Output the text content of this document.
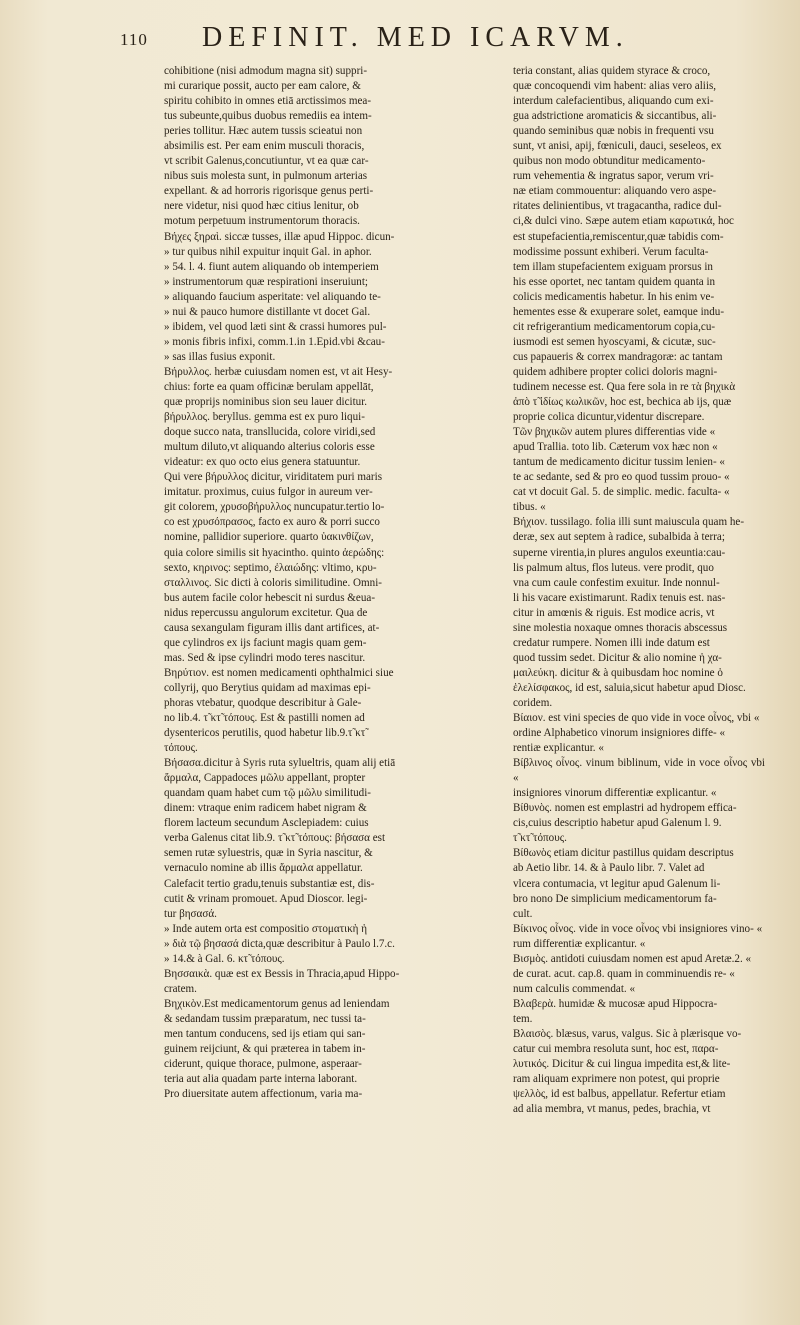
110 DEFINIT. MED ICARVM.

cohibitione (nisi admodum magna sit) suppri-

mi curarique possit, aucto per eam calore, &

spiritu cohibito in omnes etiā arctissimos mea-

tus subeunte,quibus duobus remediis ea intem-

peries tollitur. Hæc autem tussis scieatui non

absimilis est. Per eam enim musculi thoracis,

vt scribit Galenus,concutiuntur, vt ea quæ car-

nibus suis molesta sunt, in pulmonum arterias

expellant. & ad horroris rigorisque genus perti-

nere videtur, nisi quod hæc citius lenitur, ob

motum perpetuum instrumentorum thoracis.

Βήχες ξηραὶ. siccæ tusses, illæ apud Hippoc. dicun-

» tur quibus nihil expuitur inquit Gal. in aphor.

» 54. l. 4. fiunt autem aliquando ob intemperiem

» instrumentorum quæ respirationi inseruiunt;

» aliquando faucium asperitate: vel aliquando te-

» nui & pauco humore distillante vt docet Gal.

» ibidem, vel quod læti sint & crassi humores pul-

» monis fibris infixi, comm.1.in 1.Epid.vbi &cau-

» sas illas fusius exponit.

Βήρυλλος. herbæ cuiusdam nomen est, vt ait Hesy-

chius: forte ea quam officinæ berulam appellāt,

quæ proprijs nominibus sion seu lauer dicitur.

βήρυλλος. beryllus. gemma est ex puro liqui-

doque succo nata, transllucida, colore viridi,sed

multum diluto,vt aliquando alterius coloris esse

videatur: ex quo octo eius genera statuuntur.

Qui vere βήρυλλος dicitur, viriditatem puri maris

imitatur. proximus, cuius fulgor in aureum ver-

git colorem, χρυσοβήρυλλος nuncupatur.tertio lo-

co est χρυσόπρασος, facto ex auro & porri succo

nomine, pallidior superiore. quarto ὑακινθίζων,

quia colore similis sit hyacintho. quinto ἀερώδης:

sexto, κηρινος: septimo, ἐλαιώδης: vltimo, κρυ-

σταλλινος. Sic dicti à coloris similitudine. Omni-

bus autem facile color hebescit ni surdus &eua-

nidus repercussu angulorum excitetur. Qua de

causa sexangulam figuram illis dant artifices, at-

que cylindros ex ijs faciunt magis quam gem-

mas. Sed & ipse cylindri modo teres nascitur.

Βηρύτιον. est nomen medicamenti ophthalmici siue

collyrij, quo Berytius quidam ad maximas epi-

phoras vtebatur, quodque describitur à Gale-

no lib.4. τ̃ κτ̃ τόπους. Est & pastilli nomen ad

dysentericos perutilis, quod habetur lib.9.τ̃ κτ̃

τόπους.

Βήσασα.dicitur à Syris ruta sylueltris, quam alij etiā

ἄρμαλα, Cappadoces μῶλυ appellant, propter

quandam quam habet cum τῷ μῶλυ similitudi-

dinem: vtraque enim radicem habet nigram &

florem lacteum secundum Asclepiadem: cuius

verba Galenus citat lib.9. τ̃ κτ̃ τόπους: βήσασα est

semen rutæ syluestris, quæ in Syria nascitur, &

vernaculo nomine ab illis ἄρμαλα appellatur.

Calefacit tertio gradu,tenuis substantiæ est, dis-

cutit & vrinam promouet. Apud Dioscor. legi-

tur βησασά.

» Inde autem orta est compositio στοματικὴ ἡ

» διὰ τῷ βησασά dicta,quæ describitur à Paulo l.7.c.

» 14.& à Gal. 6. κτ̃ τόπους.

Βησσαικὰ. quæ est ex Bessis in Thracia,apud Hippo-

cratem.

Βηχικὸν.Est medicamentorum genus ad leniendam

& sedandam tussim præparatum, nec tussi ta-

men tantum conducens, sed ijs etiam qui san-

guinem reijciunt, & qui præterea in tabem in-

ciderunt, quique thorace, pulmone, asperaar-

teria aut alia quadam parte interna laborant.

Pro diuersitate autem affectionum, varia ma-

teria constant, alias quidem styrace & croco,

quæ concoquendi vim habent: alias vero aliis,

interdum calefacientibus, aliquando cum exi-

gua adstrictione aromaticis & siccantibus, ali-

quando seminibus quæ nobis in frequenti vsu

sunt, vt anisi, apij, fœniculi, dauci, seseleos, ex

quibus non modo obtunditur medicamento-

rum vehementia & ingratus sapor, verum vri-

næ etiam commouentur: aliquando vero aspe-

ritates delinientibus, vt tragacantha, radice dul-

ci,& dulci vino. Sæpe autem etiam καρωτικά, hoc

est stupefacientia,remiscentur,quæ tabidis com-

modissime possunt exhiberi. Verum faculta-

tem illam stupefacientem exiguam prorsus in

his esse oportet, nec tantam quidem quanta in

colicis medicamentis habetur. In his enim ve-

hementes esse & exuperare solet, eamque indu-

cit refrigerantium medicamentorum copia,cu-

iusmodi est semen hyoscyami, & cicutæ, suc-

cus papaueris & correx mandragoræ: ac tantam

quidem adhibere propter colici doloris magni-

tudinem necesse est. Qua fere sola in re τὰ βηχικὰ

ἀπὸ τ̃ ἰδίως κωλικῶν, hoc est, bechica ab ijs, quæ

proprie colica dicuntur,videntur discrepare.

Τῶν βηχικῶν autem plures differentias vide «

apud Trallia. toto lib. Cæterum vox hæc non «

tantum de medicamento dicitur tussim lenien- «

te ac sedante, sed & pro eo quod tussim prouo- «

cat vt docuit Gal. 5. de simplic. medic. faculta- «

tibus. «

Βήχιον. tussilago. folia illi sunt maiuscula quam he-

deræ, sex aut septem à radice, subalbida à terra;

superne virentia,in plures angulos exeuntia:cau-

lis palmum altus, flos luteus. vere prodit, quo

vna cum caule confestim exuitur. Inde nonnul-

li his vacare existimarunt. Radix tenuis est. nas-

citur in amœnis & riguis. Est modice acris, vt

sine molestia noxaque omnes thoracis abscessus

credatur rumpere. Nomen illi inde datum est

quod tussim sedet. Dicitur & alio nomine ἡ χα-

μαιλεύκη. dicitur & à quibusdam hoc nomine ὁ

ἑλελίσφακος, id est, saluia,sicut habetur apud Diosc.

coridem.

Βίαιον. est vini species de quo vide in voce οἶνος, vbi «

ordine Alphabetico vinorum insigniores diffe- «

rentiæ explicantur. «

Βίβλινος οἶνος. vinum biblinum, vide in voce οἶνος vbi «

insigniores vinorum differentiæ explicantur. «

Βίθυνὸς. nomen est emplastri ad hydropem effica-

cis,cuius descriptio habetur apud Galenum l. 9.

τ̃ κτ̃ τόπους.

Βίθωνὸς etiam dicitur pastillus quidam descriptus

ab Aetio libr. 14. & à Paulo libr. 7. Valet ad

vlcera contumacia, vt legitur apud Galenum li-

bro nono De simplicium medicamentorum fa-

cult.

Βίκινος οἶνος. vide in voce οἶνος vbi insigniores vino- «

rum differentiæ explicantur. «

Βισμὸς. antidoti cuiusdam nomen est apud Aretæ.2. «

de curat. acut. cap.8. quam in comminuendis re- «

num calculis commendat. «

Βλαβερὰ. humidæ & mucosæ apud Hippocra-

tem.

Βλαισὸς. blæsus, varus, valgus. Sic à plærisque vo-

catur cui membra resoluta sunt, hoc est, παρα-

λυτικός. Dicitur & cui lingua impedita est,& lite-

ram aliquam exprimere non potest, qui proprie

ψελλὸς, id est balbus, appellatur. Refertur etiam

ad alia membra, vt manus, pedes, brachia, vt
